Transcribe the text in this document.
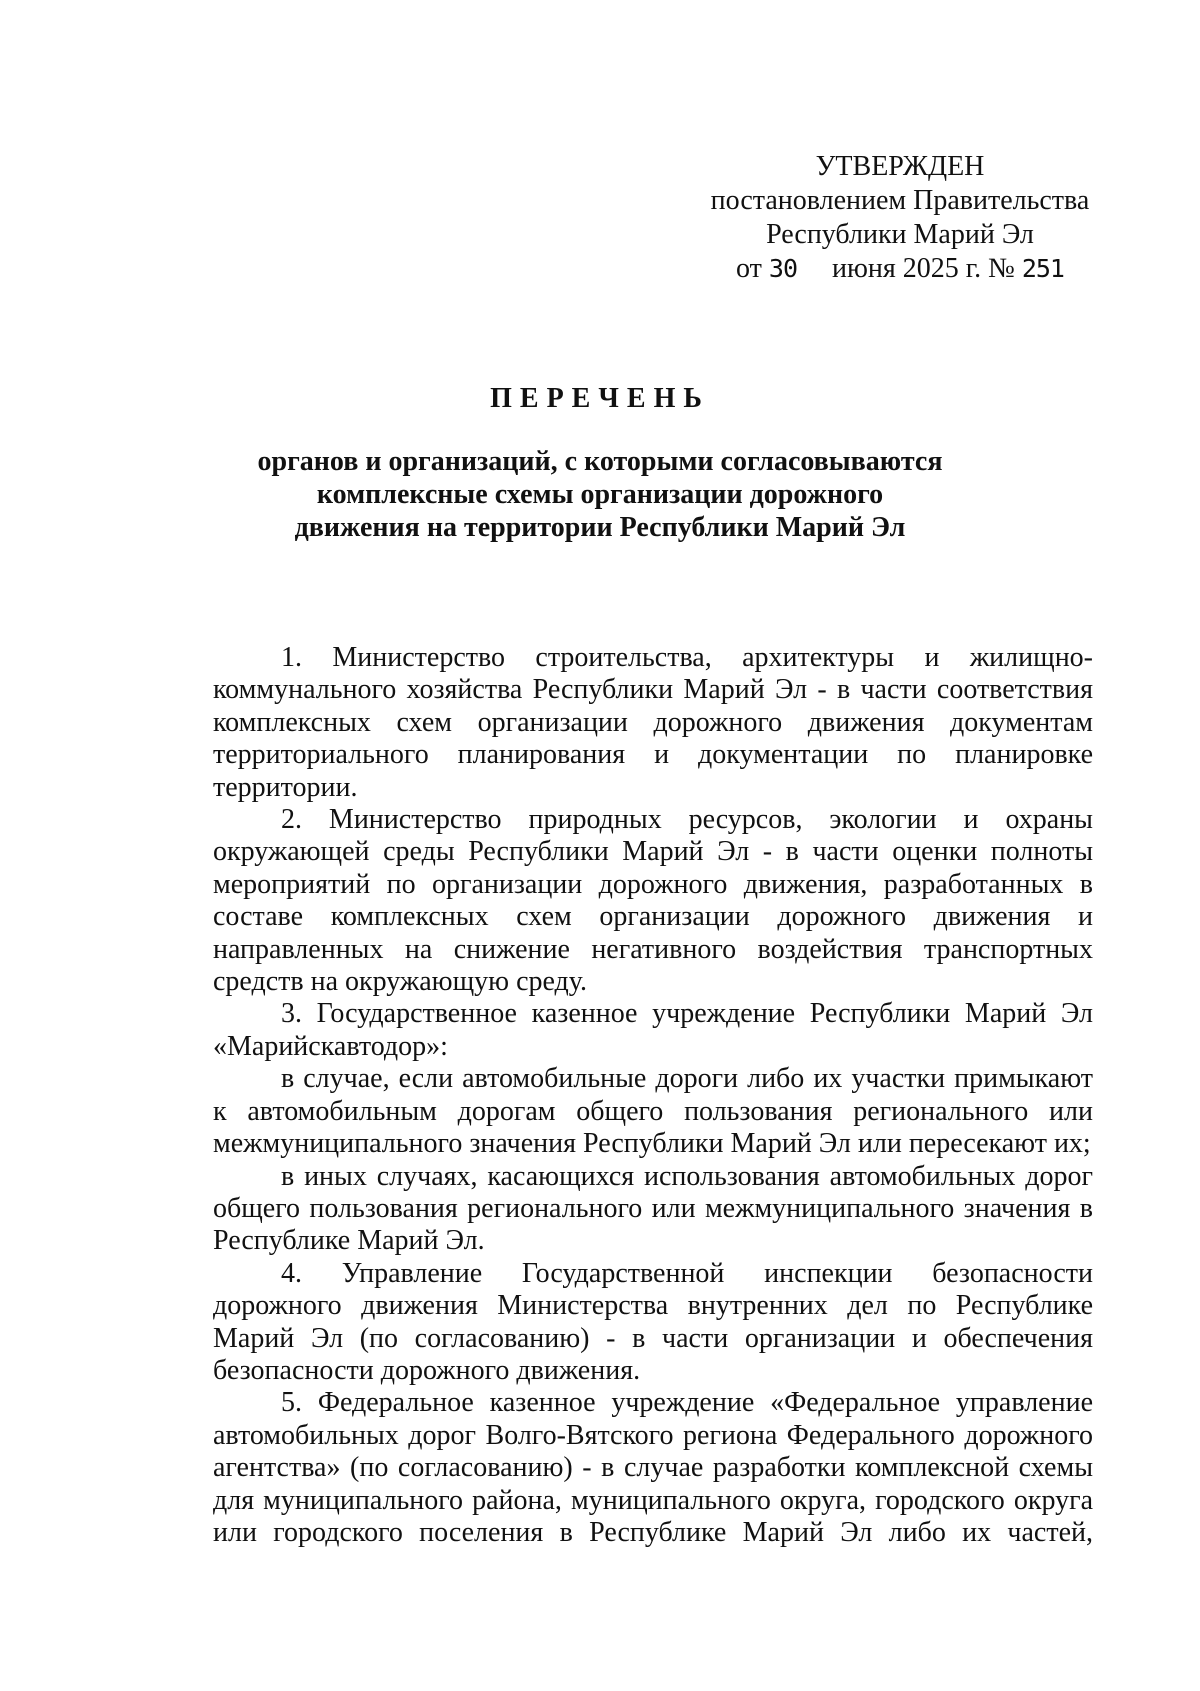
УТВЕРЖДЕН
постановлением Правительства
Республики Марий Эл
от 30 июня 2025 г. № 251
ПЕРЕЧЕНЬ
органов и организаций, с которыми согласовываются
комплексные схемы организации дорожного
движения на территории Республики Марий Эл

1. Министерство строительства, архитектуры и жилищно-коммунального хозяйства Республики Марий Эл - в части соответствия комплексных схем организации дорожного движения документам территориального планирования и документации по планировке территории.

2. Министерство природных ресурсов, экологии и охраны окружающей среды Республики Марий Эл - в части оценки полноты мероприятий по организации дорожного движения, разработанных в составе комплексных схем организации дорожного движения и направленных на снижение негативного воздействия транспортных средств на окружающую среду.

3. Государственное казенное учреждение Республики Марий Эл «Марийскавтодор»:

в случае, если автомобильные дороги либо их участки примыкают к автомобильным дорогам общего пользования регионального или межмуниципального значения Республики Марий Эл или пересекают их;

в иных случаях, касающихся использования автомобильных дорог общего пользования регионального или межмуниципального значения в Республике Марий Эл.

4. Управление Государственной инспекции безопасности дорожного движения Министерства внутренних дел по Республике Марий Эл (по согласованию) - в части организации и обеспечения безопасности дорожного движения.

5. Федеральное казенное учреждение «Федеральное управление автомобильных дорог Волго-Вятского региона Федерального дорожного агентства» (по согласованию) - в случае разработки комплексной схемы для муниципального района, муниципального округа, городского округа или городского поселения в Республике Марий Эл либо их частей,
